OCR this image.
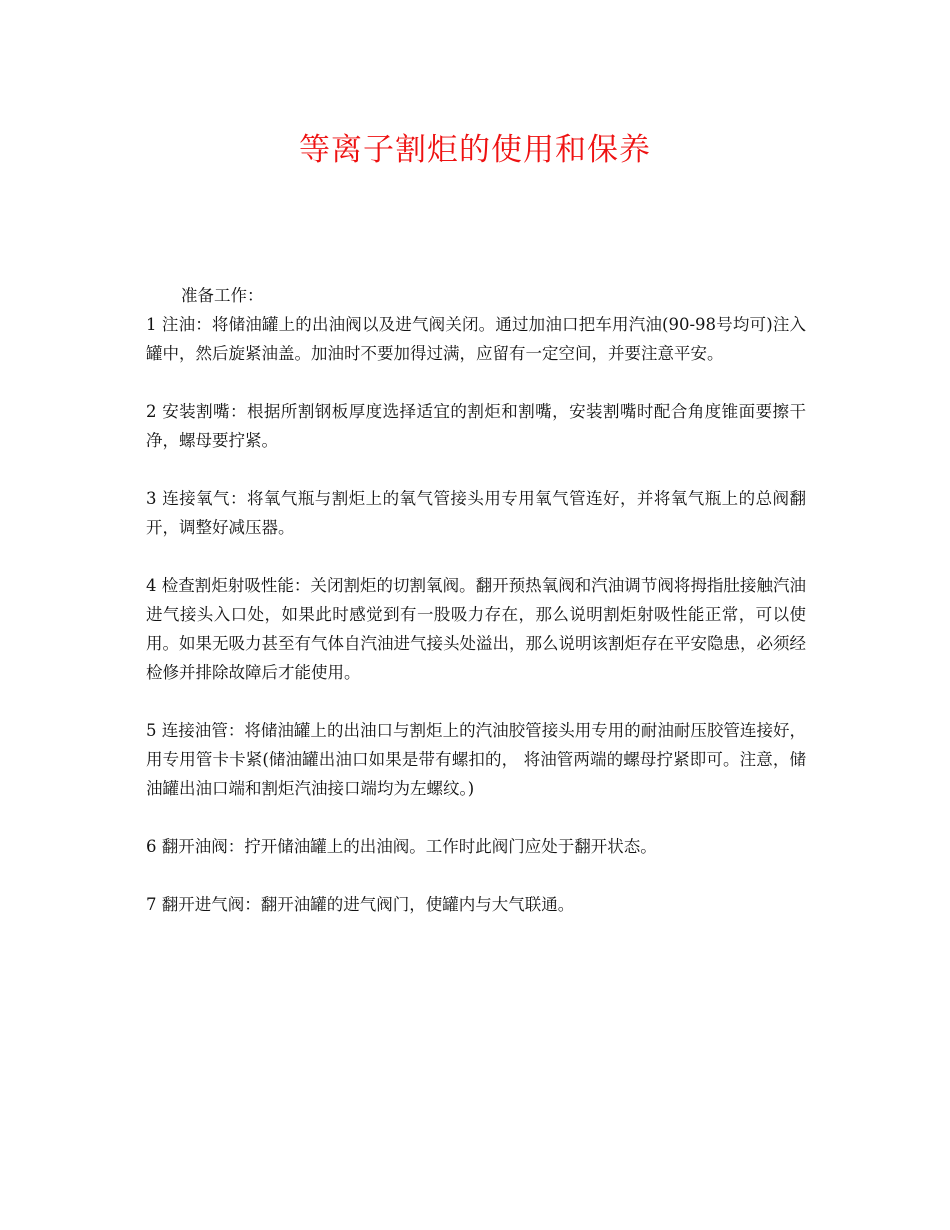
等离子割炬的使用和保养

准备工作：

1 注油：将储油罐上的出油阀以及进气阀关闭。通过加油口把车用汽油(90-98号均可)注入罐中，然后旋紧油盖。加油时不要加得过满，应留有一定空间，并要注意平安。

2 安装割嘴：根据所割钢板厚度选择适宜的割炬和割嘴，安装割嘴时配合角度锥面要擦干净，螺母要拧紧。

3 连接氧气：将氧气瓶与割炬上的氧气管接头用专用氧气管连好，并将氧气瓶上的总阀翻开，调整好减压器。

4 检查割炬射吸性能：关闭割炬的切割氧阀。翻开预热氧阀和汽油调节阀将拇指肚接触汽油进气接头入口处，如果此时感觉到有一股吸力存在，那么说明割炬射吸性能正常，可以使用。如果无吸力甚至有气体自汽油进气接头处溢出，那么说明该割炬存在平安隐患，必须经检修并排除故障后才能使用。

5 连接油管：将储油罐上的出油口与割炬上的汽油胶管接头用专用的耐油耐压胶管连接好，用专用管卡卡紧(储油罐出油口如果是带有螺扣的， 将油管两端的螺母拧紧即可。注意，储油罐出油口端和割炬汽油接口端均为左螺纹。)

6 翻开油阀：拧开储油罐上的出油阀。工作时此阀门应处于翻开状态。

7 翻开进气阀：翻开油罐的进气阀门，使罐内与大气联通。
